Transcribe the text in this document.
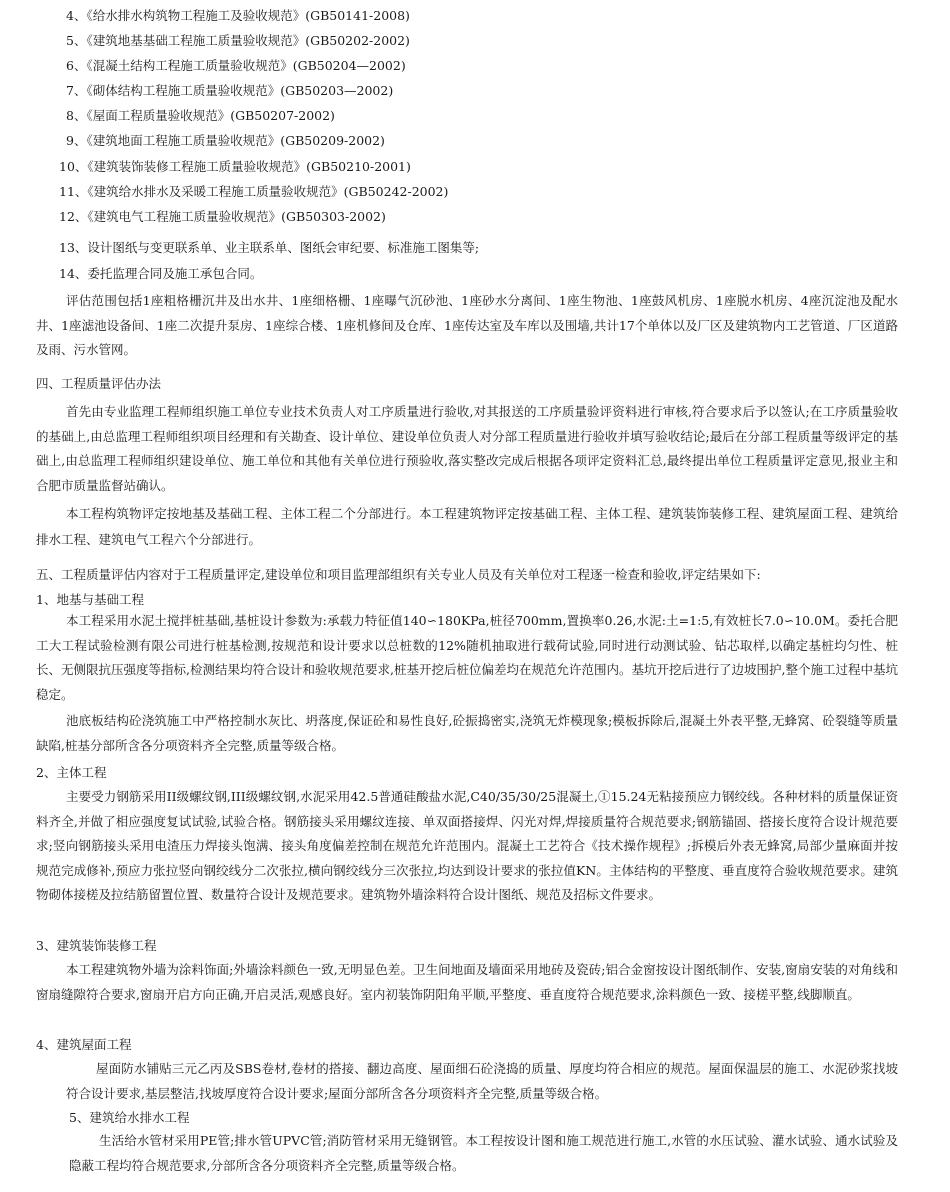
4、《给水排水构筑物工程施工及验收规范》(GB50141-2008)
5、《建筑地基基础工程施工质量验收规范》(GB50202-2002)
6、《混凝土结构工程施工质量验收规范》(GB50204—2002)
7、《砌体结构工程施工质量验收规范》(GB50203—2002)
8、《屋面工程质量验收规范》(GB50207-2002)
9、《建筑地面工程施工质量验收规范》(GB50209-2002)
10、《建筑装饰装修工程施工质量验收规范》(GB50210-2001)
11、《建筑给水排水及采暖工程施工质量验收规范》(GB50242-2002)
12、《建筑电气工程施工质量验收规范》(GB50303-2002)
13、设计图纸与变更联系单、业主联系单、图纸会审纪要、标准施工图集等;
14、委托监理合同及施工承包合同。
评估范围包括1座粗格栅沉井及出水井、1座细格栅、1座曝气沉砂池、1座砂水分离间、1座生物池、1座鼓风机房、1座脱水机房、4座沉淀池及配水井、1座滤池设备间、1座二次提升泵房、1座综合楼、1座机修间及仓库、1座传达室及车库以及围墙,共计17个单体以及厂区及建筑物内工艺管道、厂区道路及雨、污水管网。
四、工程质量评估办法
首先由专业监理工程师组织施工单位专业技术负责人对工序质量进行验收,对其报送的工序质量验评资料进行审核,符合要求后予以签认;在工序质量验收的基础上,由总监理工程师组织项目经理和有关勘查、设计单位、建设单位负责人对分部工程质量进行验收并填写验收结论;最后在分部工程质量等级评定的基础上,由总监理工程师组织建设单位、施工单位和其他有关单位进行预验收,落实整改完成后根据各项评定资料汇总,最终提出单位工程质量评定意见,报业主和合肥市质量监督站确认。
本工程构筑物评定按地基及基础工程、主体工程二个分部进行。本工程建筑物评定按基础工程、主体工程、建筑装饰装修工程、建筑屋面工程、建筑给排水工程、建筑电气工程六个分部进行。
五、工程质量评估内容对于工程质量评定,建设单位和项目监理部组织有关专业人员及有关单位对工程逐一检查和验收,评定结果如下:
1、地基与基础工程
本工程采用水泥土搅拌桩基础,基桩设计参数为:承载力特征值140∽180KPa,桩径700mm,置换率0.26,水泥:土=1:5,有效桩长7.0∽10.0M。委托合肥工大工程试验检测有限公司进行桩基检测,按规范和设计要求以总桩数的12%随机抽取进行载荷试验,同时进行动测试验、钻芯取样,以确定基桩均匀性、桩长、无侧限抗压强度等指标,检测结果均符合设计和验收规范要求,桩基开挖后桩位偏差均在规范允许范围内。基坑开挖后进行了边坡围护,整个施工过程中基坑稳定。
池底板结构砼浇筑施工中严格控制水灰比、坍落度,保证砼和易性良好,砼振捣密实,浇筑无炸模现象;模板拆除后,混凝土外表平整,无蜂窝、砼裂缝等质量缺陷,桩基分部所含各分项资料齐全完整,质量等级合格。
2、主体工程
主要受力钢筋采用II级螺纹钢,III级螺纹钢,水泥采用42.5普通硅酸盐水泥,C40/35/30/25混凝土,①15.24无粘接预应力钢绞线。各种材料的质量保证资料齐全,并做了相应强度复试试验,试验合格。钢筋接头采用螺纹连接、单双面搭接焊、闪光对焊,焊接质量符合规范要求;钢筋锚固、搭接长度符合设计规范要求;竖向钢筋接头采用电渣压力焊接头饱满、接头角度偏差控制在规范允许范围内。混凝土工艺符合《技术操作规程》;拆模后外表无蜂窝,局部少量麻面并按规范完成修补,预应力张拉竖向钢绞线分二次张拉,横向钢绞线分三次张拉,均达到设计要求的张拉值KN。主体结构的平整度、垂直度符合验收规范要求。建筑物砌体接槎及拉结筋留置位置、数量符合设计及规范要求。建筑物外墙涂料符合设计图纸、规范及招标文件要求。
3、建筑装饰装修工程
本工程建筑物外墙为涂料饰面;外墙涂料颜色一致,无明显色差。卫生间地面及墙面采用地砖及瓷砖;铝合金窗按设计图纸制作、安装,窗扇安装的对角线和窗扇缝隙符合要求,窗扇开启方向正确,开启灵活,观感良好。室内初装饰阴阳角平顺,平整度、垂直度符合规范要求,涂料颜色一致、接槎平整,线脚顺直。
4、建筑屋面工程
屋面防水铺贴三元乙丙及SBS卷材,卷材的搭接、翻边高度、屋面细石砼浇捣的质量、厚度均符合相应的规范。屋面保温层的施工、水泥砂浆找坡符合设计要求,基层整洁,找坡厚度符合设计要求;屋面分部所含各分项资料齐全完整,质量等级合格。
5、建筑给水排水工程
生活给水管材采用PE管;排水管UPVC管;消防管材采用无缝钢管。本工程按设计图和施工规范进行施工,水管的水压试验、灌水试验、通水试验及隐蔽工程均符合规范要求,分部所含各分项资料齐全完整,质量等级合格。
